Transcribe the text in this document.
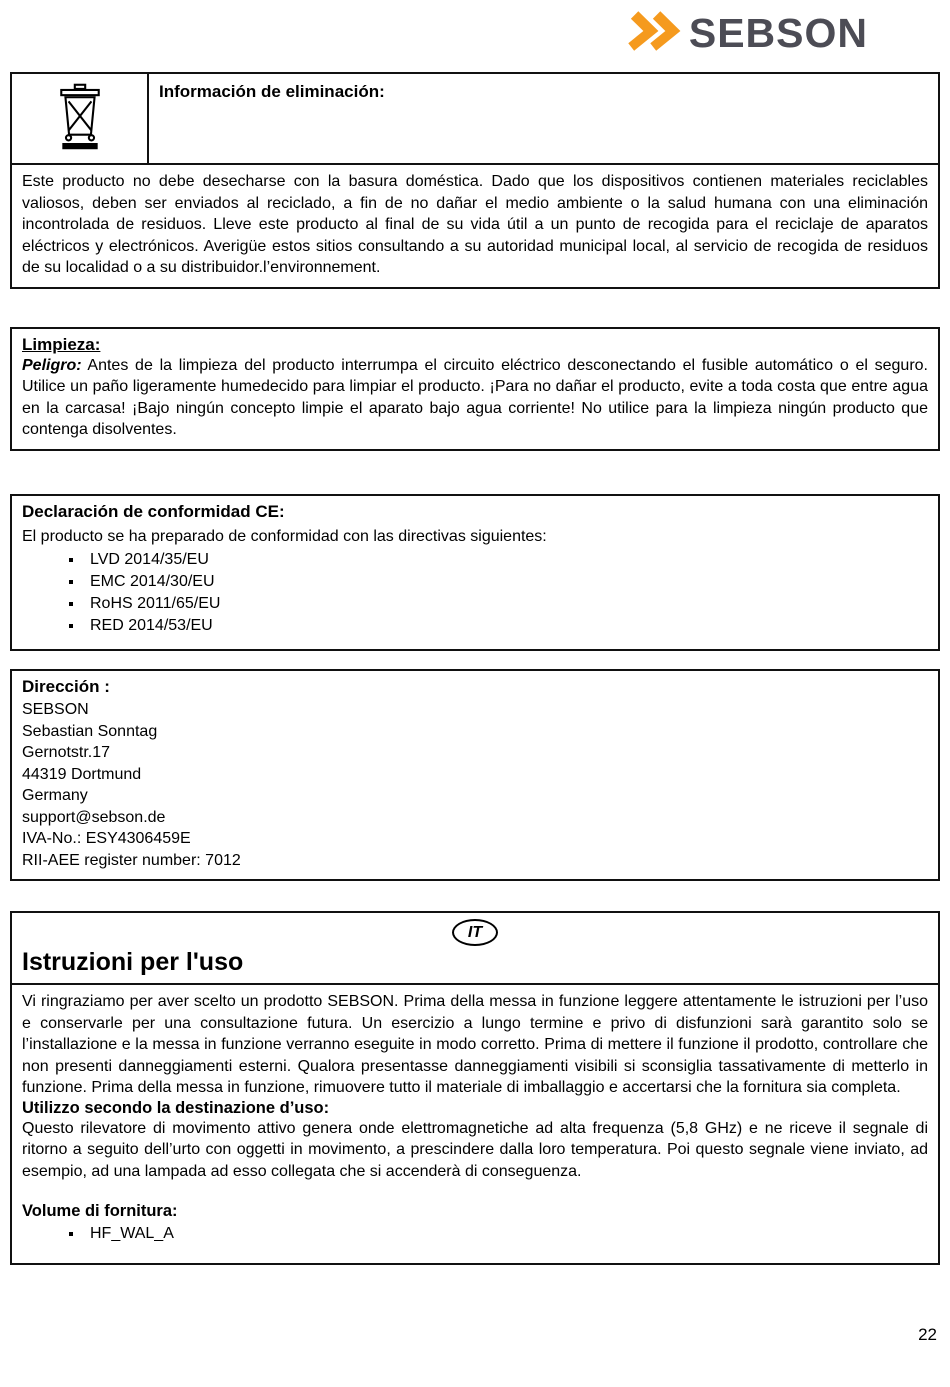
SEBSON
Información de eliminación:
Este producto no debe desecharse con la basura doméstica. Dado que los dispositivos contienen materiales reciclables valiosos, deben ser enviados al reciclado, a fin de no dañar el medio ambiente o la salud humana con una eliminación incontrolada de residuos. Lleve este producto al final de su vida útil a un punto de recogida para el reciclaje de aparatos eléctricos y electrónicos. Averigüe estos sitios consultando a su autoridad municipal local, al servicio de recogida de residuos de su localidad o a su distribuidor.l’environnement.
Limpieza:
Peligro: Antes de la limpieza del producto interrumpa el circuito eléctrico desconectando el fusible automático o el seguro. Utilice un paño ligeramente humedecido para limpiar el producto. ¡Para no dañar el producto, evite a toda costa que entre agua en la carcasa! ¡Bajo ningún concepto limpie el aparato bajo agua corriente! No utilice para la limpieza ningún producto que contenga disolventes.
Declaración de conformidad CE:
El producto se ha preparado de conformidad con las directivas siguientes:
▪ LVD 2014/35/EU
▪ EMC 2014/30/EU
▪ RoHS 2011/65/EU
▪ RED 2014/53/EU
Dirección :
SEBSON
Sebastian Sonntag
Gernotstr.17
44319 Dortmund
Germany
support@sebson.de
IVA-No.: ESY4306459E
RII-AEE register number: 7012
IT
Istruzioni per l'uso
Vi ringraziamo per aver scelto un prodotto SEBSON. Prima della messa in funzione leggere attentamente le istruzioni per l’uso e conservarle per una consultazione futura. Un esercizio a lungo termine e privo di disfunzioni sarà garantito solo se l’installazione e la messa in funzione verranno eseguite in modo corretto. Prima di mettere il funzione il prodotto, controllare che non presenti danneggiamenti esterni. Qualora presentasse danneggiamenti visibili si sconsiglia tassativamente di metterlo in funzione. Prima della messa in funzione, rimuovere tutto il materiale di imballaggio e accertarsi che la fornitura sia completa.
Utilizzo secondo la destinazione d’uso:
Questo rilevatore di movimento attivo genera onde elettromagnetiche ad alta frequenza (5,8 GHz) e ne riceve il segnale di ritorno a seguito dell’urto con oggetti in movimento, a prescindere dalla loro temperatura. Poi questo segnale viene inviato, ad esempio, ad una lampada ad esso collegata che si accenderà di conseguenza.
Volume di fornitura:
▪ HF_WAL_A
22
